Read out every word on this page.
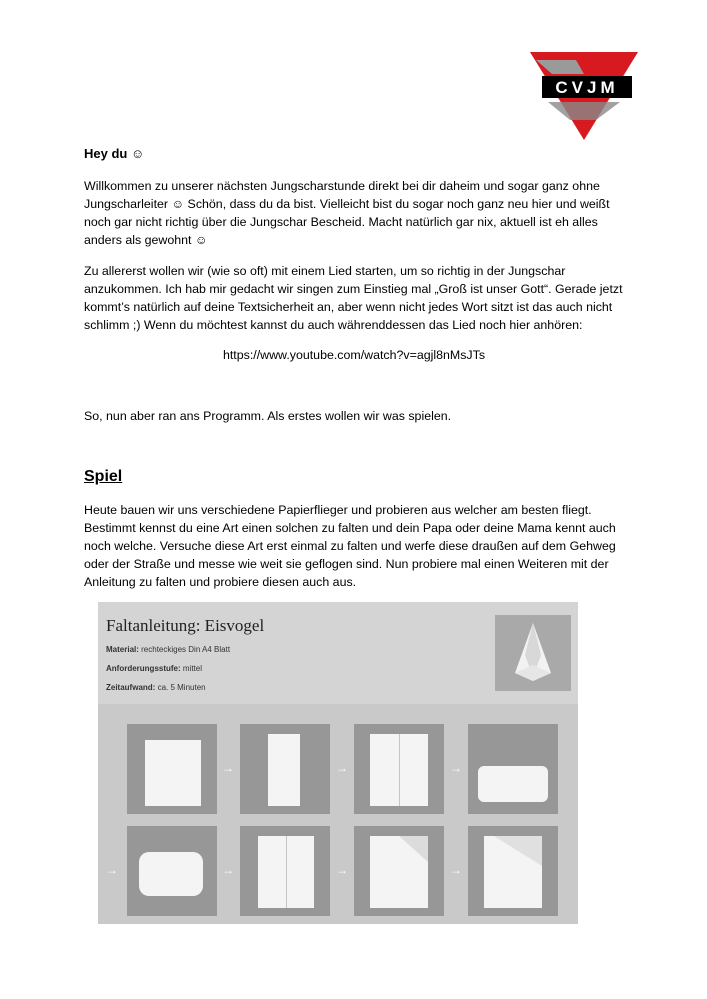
CVJM

Hey du ☺

Willkommen zu unserer nächsten Jungscharstunde direkt bei dir daheim und sogar ganz ohne Jungscharleiter ☺ Schön, dass du da bist. Vielleicht bist du sogar noch ganz neu hier und weißt noch gar nicht richtig über die Jungschar Bescheid. Macht natürlich gar nix, aktuell ist eh alles anders als gewohnt ☺

Zu allererst wollen wir (wie so oft) mit einem Lied starten, um so richtig in der Jungschar anzukommen. Ich hab mir gedacht wir singen zum Einstieg mal „Groß ist unser Gott“. Gerade jetzt kommt’s natürlich auf deine Textsicherheit an, aber wenn nicht jedes Wort sitzt ist das auch nicht schlimm ;) Wenn du möchtest kannst du auch währenddessen das Lied noch hier anhören:

https://www.youtube.com/watch?v=agjl8nMsJTs

So, nun aber ran ans Programm. Als erstes wollen wir was spielen.

Spiel

Heute bauen wir uns verschiedene Papierflieger und probieren aus welcher am besten fliegt. Bestimmt kennst du eine Art einen solchen zu falten und dein Papa oder deine Mama kennt auch noch welche. Versuche diese Art erst einmal zu falten und werfe diese draußen auf dem Gehweg oder der Straße und messe wie weit sie geflogen sind. Nun probiere mal einen Weiteren mit der Anleitung zu falten und probiere diesen auch aus.

Faltanleitung: Eisvogel
Material: rechteckiges Din A4 Blatt
Anforderungsstufe: mittel
Zeitaufwand: ca. 5 Minuten
→	→	→
→	→	→	→
